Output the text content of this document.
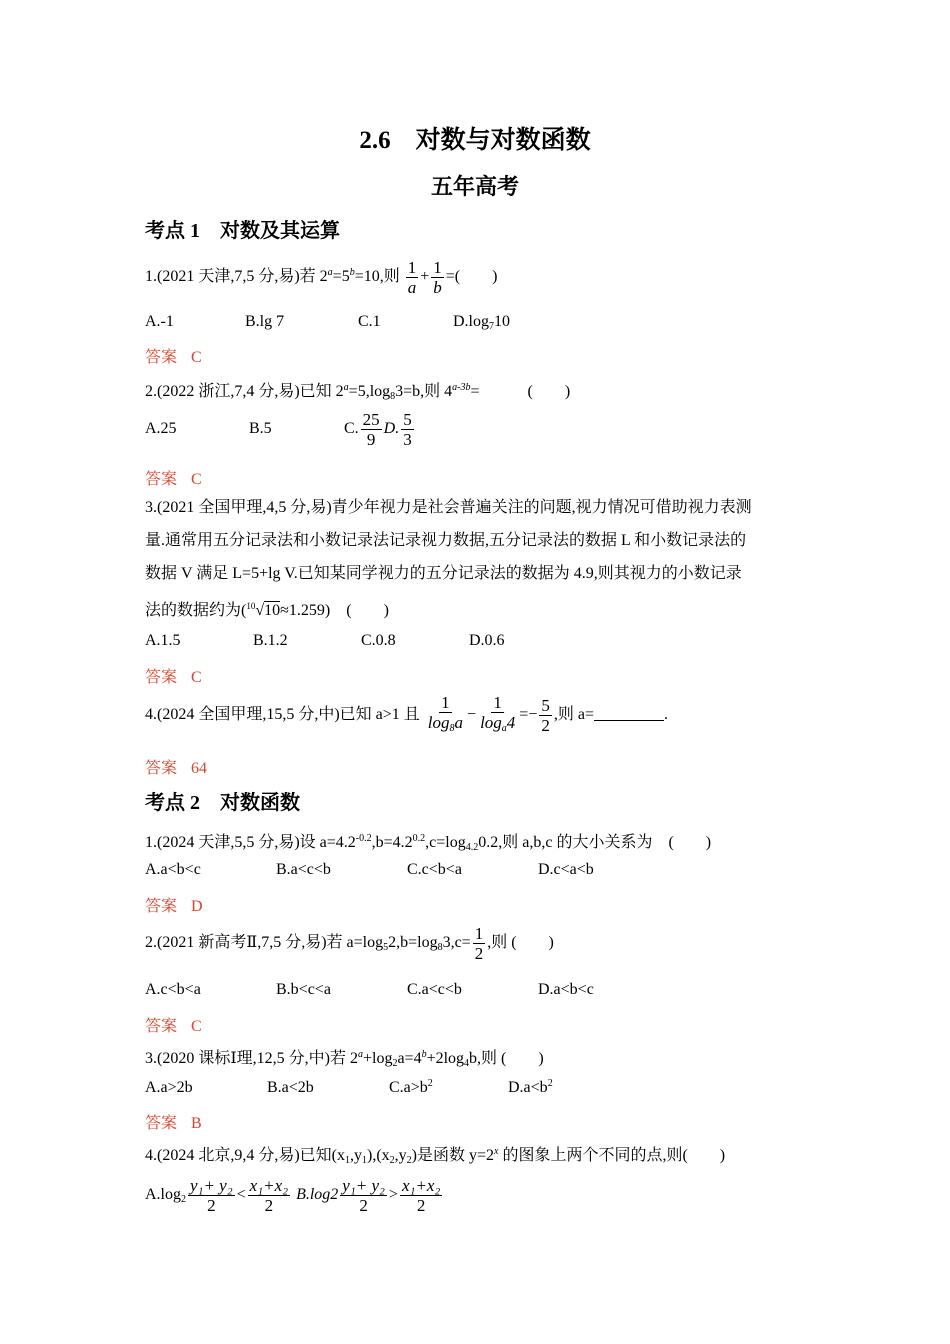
2.6　对数与对数函数
五年高考
考点 1　对数及其运算
1.(2021 天津,7,5 分,易)若 $2^a=5^b=10$,则 $\frac{1}{a} + \frac{1}{b}$ =(　　)
A.-1	B.lg 7	C.1	$D.\log_710$
答案 C
2.(2022 浙江,7,4 分,易)已知 $2^a=5,\log_83=b$,则 $4^{a-3b}=$　　　(　　)
A.25	B.5	C. $\frac{25}{9} D$. $\frac{5}{3}$
答案 C
3.(2021 全国甲理,4,5 分,易)青少年视力是社会普遍关注的问题,视力情况可借助视力表测
量.通常用五分记录法和小数记录法记录视力数据,五分记录法的数据 L 和小数记录法的
数据 V 满足 L=5+lg V.已知某同学视力的五分记录法的数据为 4.9,则其视力的小数记录
法的数据约为($^{10}$√10≈1.259)　(　　)
A.1.5	B.1.2	C.0.8	D.0.6
答案 C
4.(2024 全国甲理,15,5 分,中)已知 a>1 且 $\frac{1}{\log_8a} - \frac{1}{\log_a4} =- \frac{5}{2}$ ,则 a=	.
答案 64
考点 2　对数函数
1.(2024 天津,5,5 分,易)设 $a=4.2^{-0.2},b=4.2^{0.2},c=\log_{4.2}0.2$,则 a,b,c 的大小关系为　(　　)
A.a<b<c	B.a<c<b	C.c<b<a	D.c<a<b
答案 D
2.(2021 新高考Ⅱ,7,5 分,易)若 $a=\log_52,b=\log_83,c= \frac{1}{2}$ ,则 (　　)
A.c<b<a	B.b<c<a	C.a<c<b	D.a<b<c
答案 C
3.(2020 课标Ⅰ理,12,5 分,中)若 $2^a+\log_2a=4^b+2\log_4b$,则 (　　)
A.a>2b	B.a<2b	$C.a>b^2$	$D.a<b^2$
答案 B
4.(2024 北京,9,4 分,易)已知$(x_1,y_1),(x_2,y_2)$是函数 $y=2^x$ 的图象上两个不同的点,则(　　)
$A.\log_2 \frac{\text{y₁+ y₂}}{2} < \frac{\text{x₁+x₂}}{2} B.\log 2 \frac{\text{y₁+ y₂}}{2} > \frac{\text{x₁+x₂}}{2}$
